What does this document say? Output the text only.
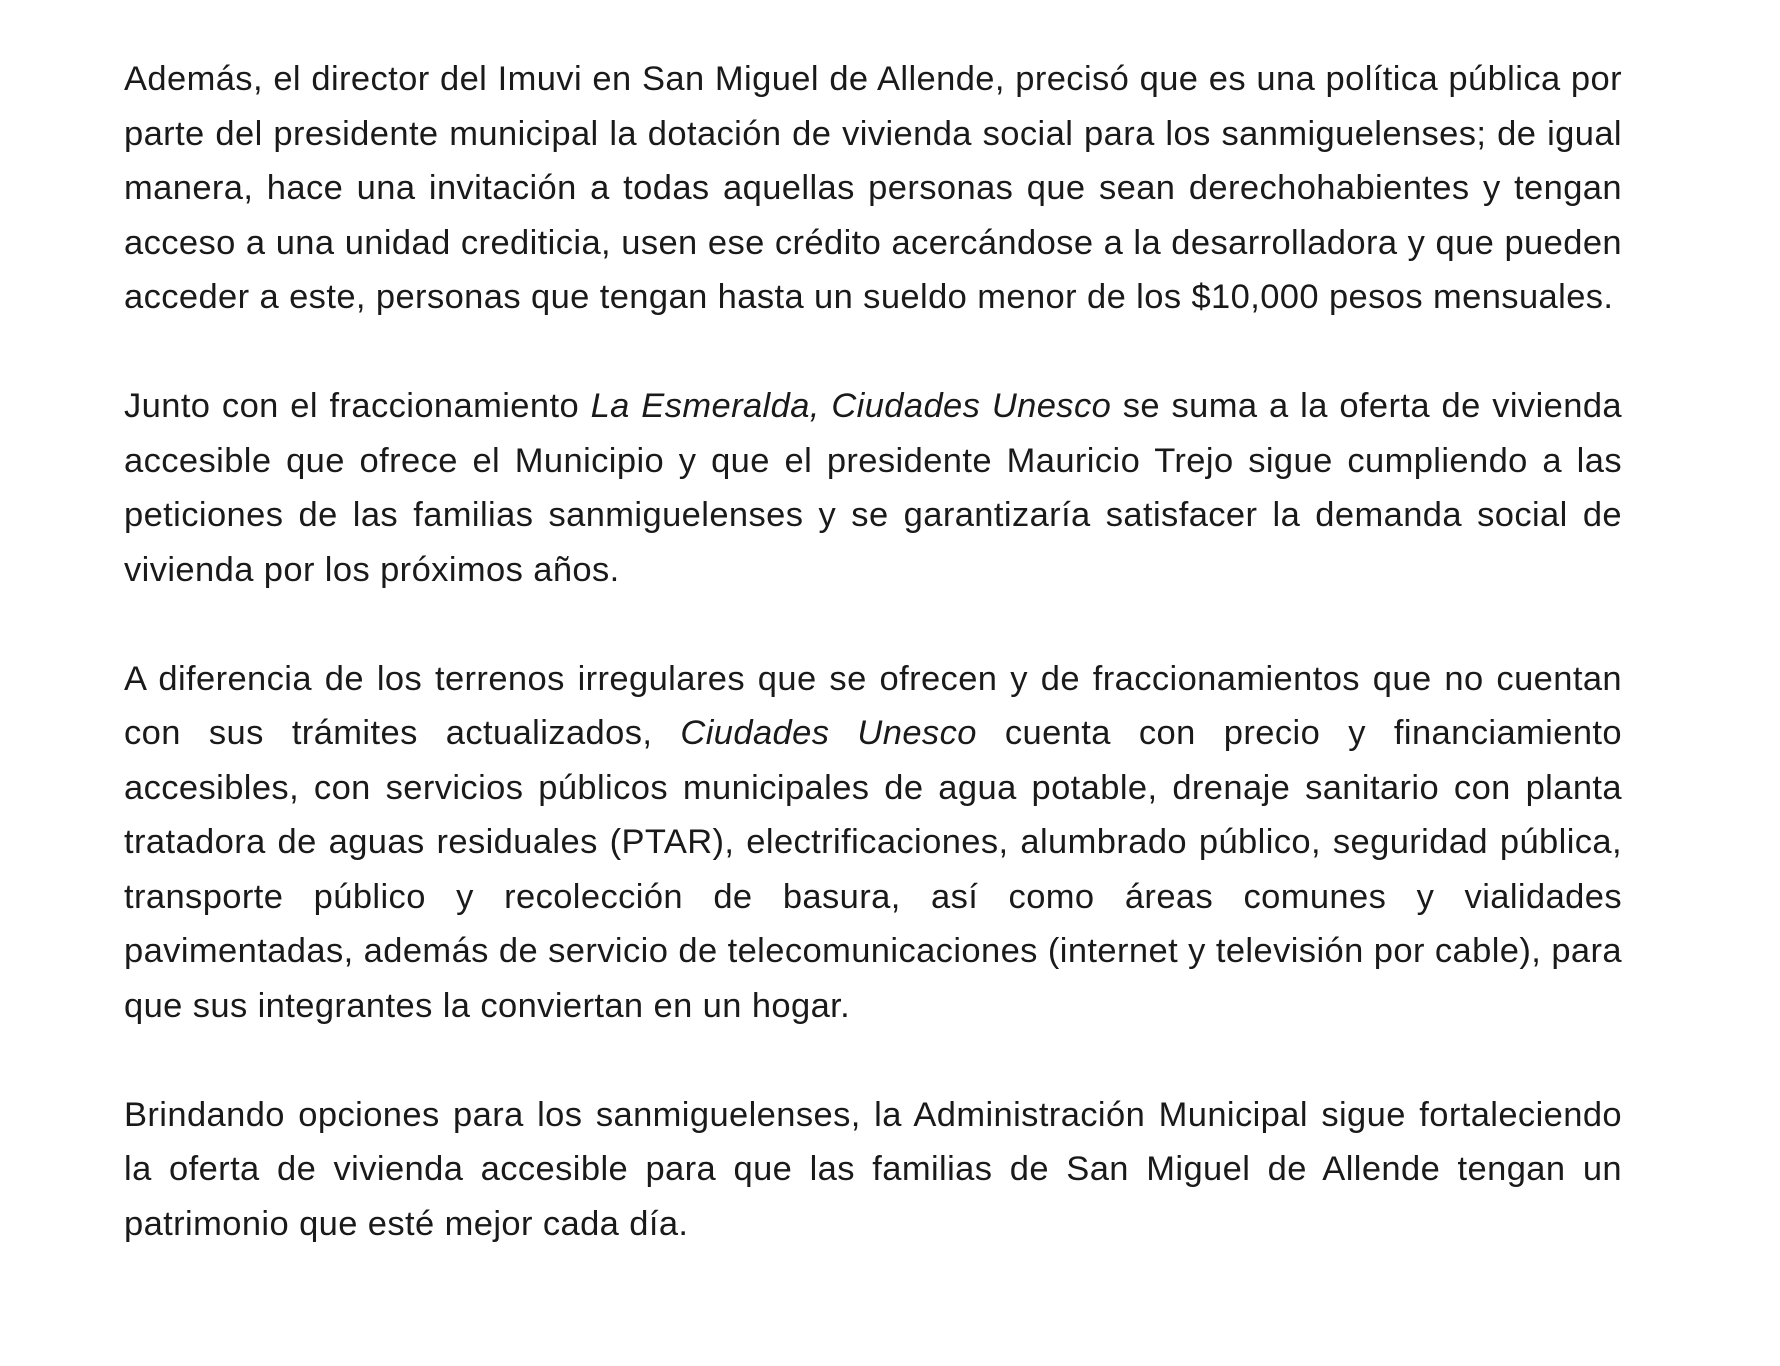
Además, el director del Imuvi en San Miguel de Allende, precisó que es una política pública por parte del presidente municipal la dotación de vivienda social para los sanmiguelenses; de igual manera, hace una invitación a todas aquellas personas que sean derechohabientes y tengan acceso a una unidad crediticia, usen ese crédito acercándose a la desarrolladora y que pueden acceder a este, personas que tengan hasta un sueldo menor de los $10,000 pesos mensuales.

Junto con el fraccionamiento La Esmeralda, Ciudades Unesco se suma a la oferta de vivienda accesible que ofrece el Municipio y que el presidente Mauricio Trejo sigue cumpliendo a las peticiones de las familias sanmiguelenses y se garantizaría satisfacer la demanda social de vivienda por los próximos años.

A diferencia de los terrenos irregulares que se ofrecen y de fraccionamientos que no cuentan con sus trámites actualizados, Ciudades Unesco cuenta con precio y financiamiento accesibles, con servicios públicos municipales de agua potable, drenaje sanitario con planta tratadora de aguas residuales (PTAR), electrificaciones, alumbrado público, seguridad pública, transporte público y recolección de basura, así como áreas comunes y vialidades pavimentadas, además de servicio de telecomunicaciones (internet y televisión por cable), para que sus integrantes la conviertan en un hogar.

Brindando opciones para los sanmiguelenses, la Administración Municipal sigue fortaleciendo la oferta de vivienda accesible para que las familias de San Miguel de Allende tengan un patrimonio que esté mejor cada día.
